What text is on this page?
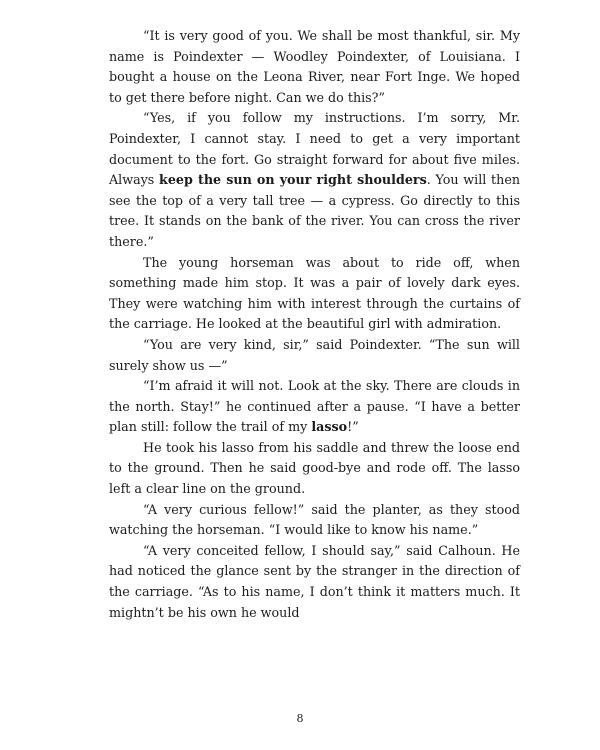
“It is very good of you. We shall be most thankful, sir. My name is Poindexter — Woodley Poindexter, of Louisiana. I bought a house on the Leona River, near Fort Inge. We hoped to get there before night. Can we do this?”

“Yes, if you follow my instructions. I’m sorry, Mr. Poindexter, I cannot stay. I need to get a very important document to the fort. Go straight forward for about five miles. Always keep the sun on your right shoulders. You will then see the top of a very tall tree — a cypress. Go directly to this tree. It stands on the bank of the river. You can cross the river there.”

The young horseman was about to ride off, when something made him stop. It was a pair of lovely dark eyes. They were watching him with interest through the curtains of the carriage. He looked at the beautiful girl with admiration.

“You are very kind, sir,” said Poindexter. “The sun will surely show us —”

“I’m afraid it will not. Look at the sky. There are clouds in the north. Stay!” he continued after a pause. “I have a better plan still: follow the trail of my lasso!”

He took his lasso from his saddle and threw the loose end to the ground. Then he said good-bye and rode off. The lasso left a clear line on the ground.

“A very curious fellow!” said the planter, as they stood watching the horseman. “I would like to know his name.”

“A very conceited fellow, I should say,” said Calhoun. He had noticed the glance sent by the stranger in the direction of the carriage. “As to his name, I don’t think it matters much. It mightn’t be his own he would

8
